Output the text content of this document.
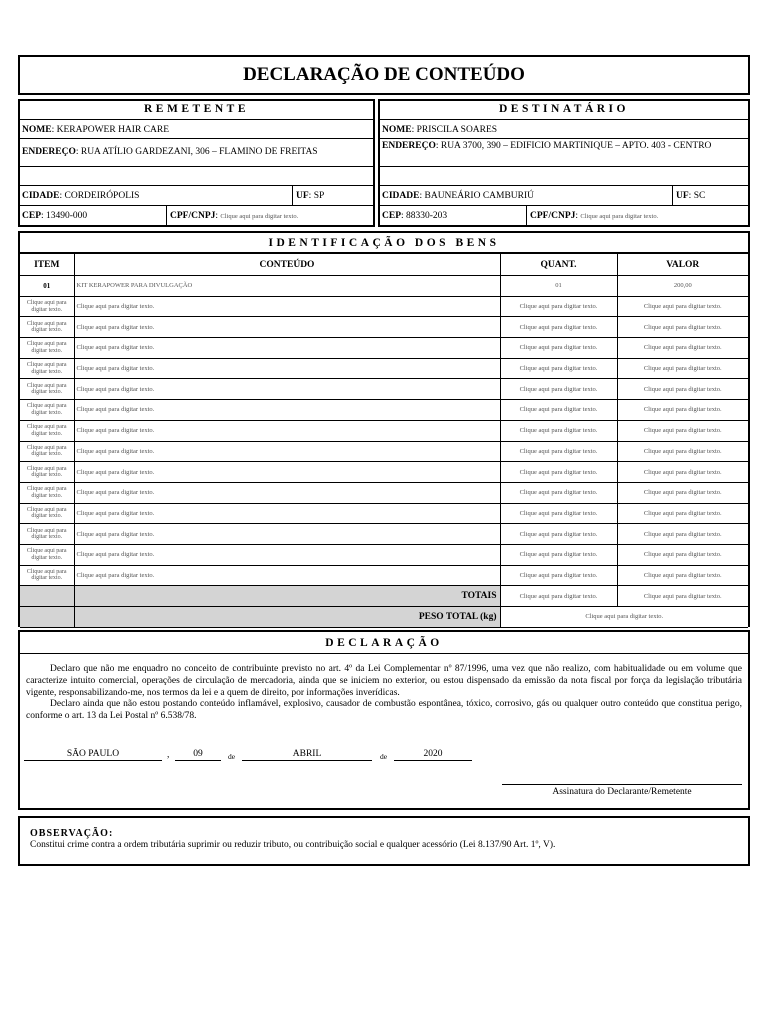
DECLARAÇÃO DE CONTEÚDO
REMETENTE
NOME: KERAPOWER HAIR CARE
ENDEREÇO: RUA ATÍLIO GARDEZANI, 306 – FLAMINO DE FREITAS
CIDADE: CORDEIRÓPOLIS	UF: SP
CEP: 13490-000	CPF/CNPJ: Clique aqui para digitar texto.
DESTINATÁRIO
NOME: PRISCILA SOARES
ENDEREÇO: RUA 3700, 390 – EDIFICIO MARTINIQUE – APTO. 403 - CENTRO
CIDADE: BAUNEÁRIO CAMBURIÚ	UF: SC
CEP: 88330-203	CPF/CNPJ: Clique aqui para digitar texto.
IDENTIFICAÇÃO DOS BENS
ITEM	CONTEÚDO	QUANT.	VALOR
01	KIT KERAPOWER PARA DIVULGAÇÃO	01	200,00
Clique aqui para digitar texto.	Clique aqui para digitar texto.	Clique aqui para digitar texto.	Clique aqui para digitar texto.
Clique aqui para digitar texto.	Clique aqui para digitar texto.	Clique aqui para digitar texto.	Clique aqui para digitar texto.
Clique aqui para digitar texto.	Clique aqui para digitar texto.	Clique aqui para digitar texto.	Clique aqui para digitar texto.
Clique aqui para digitar texto.	Clique aqui para digitar texto.	Clique aqui para digitar texto.	Clique aqui para digitar texto.
Clique aqui para digitar texto.	Clique aqui para digitar texto.	Clique aqui para digitar texto.	Clique aqui para digitar texto.
Clique aqui para digitar texto.	Clique aqui para digitar texto.	Clique aqui para digitar texto.	Clique aqui para digitar texto.
Clique aqui para digitar texto.	Clique aqui para digitar texto.	Clique aqui para digitar texto.	Clique aqui para digitar texto.
Clique aqui para digitar texto.	Clique aqui para digitar texto.	Clique aqui para digitar texto.	Clique aqui para digitar texto.
Clique aqui para digitar texto.	Clique aqui para digitar texto.	Clique aqui para digitar texto.	Clique aqui para digitar texto.
Clique aqui para digitar texto.	Clique aqui para digitar texto.	Clique aqui para digitar texto.	Clique aqui para digitar texto.
Clique aqui para digitar texto.	Clique aqui para digitar texto.	Clique aqui para digitar texto.	Clique aqui para digitar texto.
Clique aqui para digitar texto.	Clique aqui para digitar texto.	Clique aqui para digitar texto.	Clique aqui para digitar texto.
Clique aqui para digitar texto.	Clique aqui para digitar texto.	Clique aqui para digitar texto.	Clique aqui para digitar texto.
Clique aqui para digitar texto.	Clique aqui para digitar texto.	Clique aqui para digitar texto.	Clique aqui para digitar texto.
	TOTAIS	Clique aqui para digitar texto.	Clique aqui para digitar texto.
	PESO TOTAL (kg)	Clique aqui para digitar texto.	
DECLARAÇÃO

Declaro que não me enquadro no conceito de contribuinte previsto no art. 4º da Lei Complementar nº 87/1996, uma vez que não realizo, com habitualidade ou em volume que caracterize intuito comercial, operações de circulação de mercadoria, ainda que se iniciem no exterior, ou estou dispensado da emissão da nota fiscal por força da legislação tributária vigente, responsabilizando-me, nos termos da lei e a quem de direito, por informações inverídicas.

Declaro ainda que não estou postando conteúdo inflamável, explosivo, causador de combustão espontânea, tóxico, corrosivo, gás ou qualquer outro conteúdo que constitua perigo, conforme o art. 13 da Lei Postal nº 6.538/78.

SÃO PAULO	,	09	de	ABRIL	de	2020
Assinatura do Declarante/Remetente
OBSERVAÇÃO:
Constitui crime contra a ordem tributária suprimir ou reduzir tributo, ou contribuição social e qualquer acessório (Lei 8.137/90 Art. 1º, V).
